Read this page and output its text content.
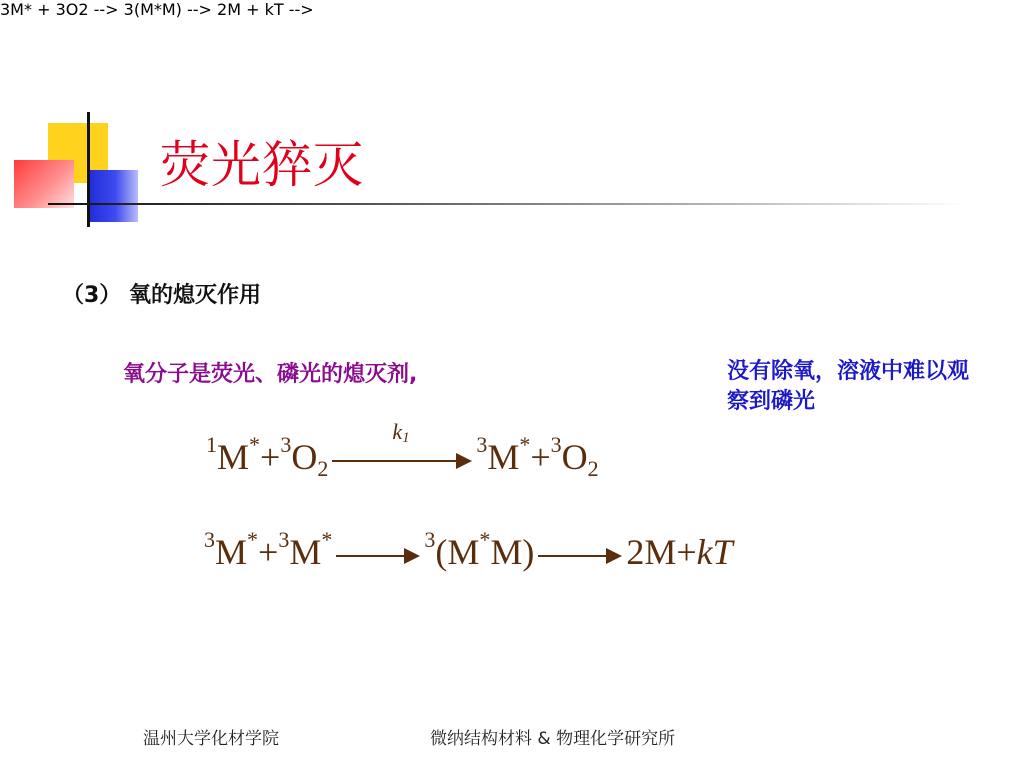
荧光猝灭
（3） 氧的熄灭作用
氧分子是荧光、磷光的熄灭剂,	没有除氧，溶液中难以观察到磷光
3M* + 3O2 -->
$^1M^*+^3O_2$
$k_1$	$^3M^*+^3O_2$
3(M*M) --> 2M + kT -->
$^3$M*+$^3$M*	$^3$(M*M)	2M+kT
温州大学化材学院	微纳结构材料 & 物理化学研究所
